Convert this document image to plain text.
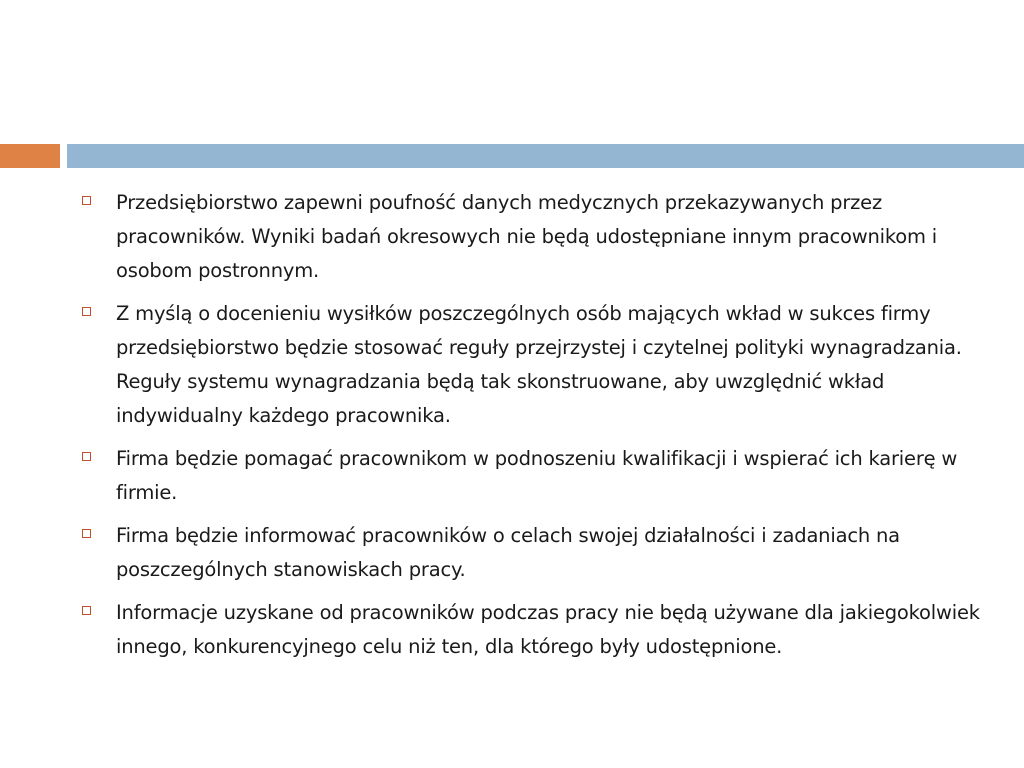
Przedsiębiorstwo zapewni poufność danych medycznych przekazywanych przez pracowników. Wyniki badań okresowych nie będą udostępniane innym pracownikom i osobom postronnym.
Z myślą o docenieniu wysiłków poszczególnych osób mających wkład w sukces firmy przedsiębiorstwo będzie stosować reguły przejrzystej i czytelnej polityki wynagradzania. Reguły systemu wynagradzania będą tak skonstruowane, aby uwzględnić wkład indywidualny każdego pracownika.
Firma będzie pomagać pracownikom w podnoszeniu kwalifikacji i wspierać ich karierę w firmie.
Firma będzie informować pracowników o celach swojej działalności i zadaniach na poszczególnych stanowiskach pracy.
Informacje uzyskane od pracowników podczas pracy nie będą używane dla jakiegokolwiek innego, konkurencyjnego celu niż ten, dla którego były udostępnione.
